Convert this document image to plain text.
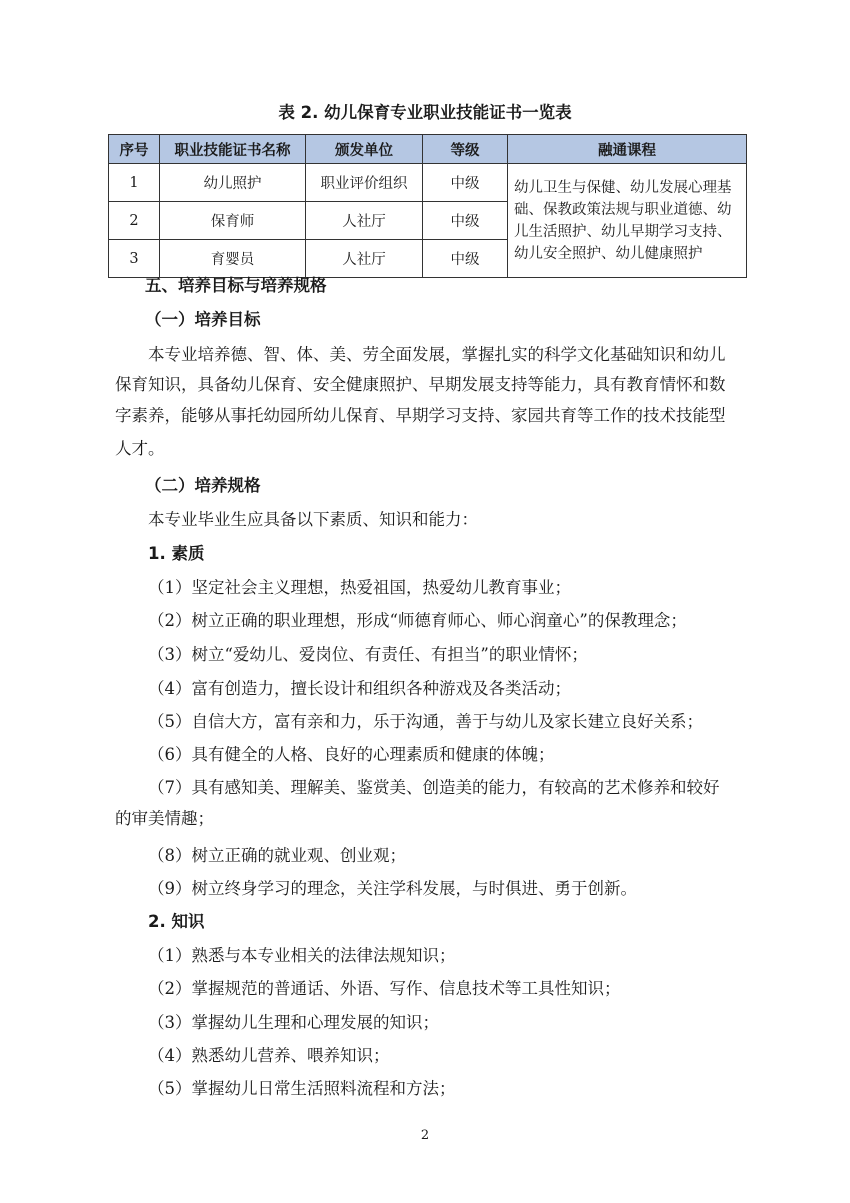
表 2. 幼儿保育专业职业技能证书一览表
序号	职业技能证书名称	颁发单位	等级	融通课程
1	幼儿照护	职业评价组织	中级	幼儿卫生与保健、幼儿发展心理基
础、保教政策法规与职业道德、幼
儿生活照护、幼儿早期学习支持、
幼儿安全照护、幼儿健康照护

2	保育师	人社厅	中级	
3	育婴员	人社厅	中级	
五、培养目标与培养规格
（一）培养目标
本专业培养德、智、体、美、劳全面发展，掌握扎实的科学文化基础知识和幼儿
保育知识，具备幼儿保育、安全健康照护、早期发展支持等能力，具有教育情怀和数
字素养，能够从事托幼园所幼儿保育、早期学习支持、家园共育等工作的技术技能型
人才。
（二）培养规格
本专业毕业生应具备以下素质、知识和能力：
1. 素质
（1）坚定社会主义理想，热爱祖国，热爱幼儿教育事业；
（2）树立正确的职业理想，形成“师德育师心、师心润童心”的保教理念；
（3）树立“爱幼儿、爱岗位、有责任、有担当”的职业情怀；
（4）富有创造力，擅长设计和组织各种游戏及各类活动；
（5）自信大方，富有亲和力，乐于沟通，善于与幼儿及家长建立良好关系；
（6）具有健全的人格、良好的心理素质和健康的体魄；
（7）具有感知美、理解美、鉴赏美、创造美的能力，有较高的艺术修养和较好
的审美情趣；
（8）树立正确的就业观、创业观；
（9）树立终身学习的理念，关注学科发展，与时俱进、勇于创新。
2. 知识
（1）熟悉与本专业相关的法律法规知识；
（2）掌握规范的普通话、外语、写作、信息技术等工具性知识；
（3）掌握幼儿生理和心理发展的知识；
（4）熟悉幼儿营养、喂养知识；
（5）掌握幼儿日常生活照料流程和方法；
2
